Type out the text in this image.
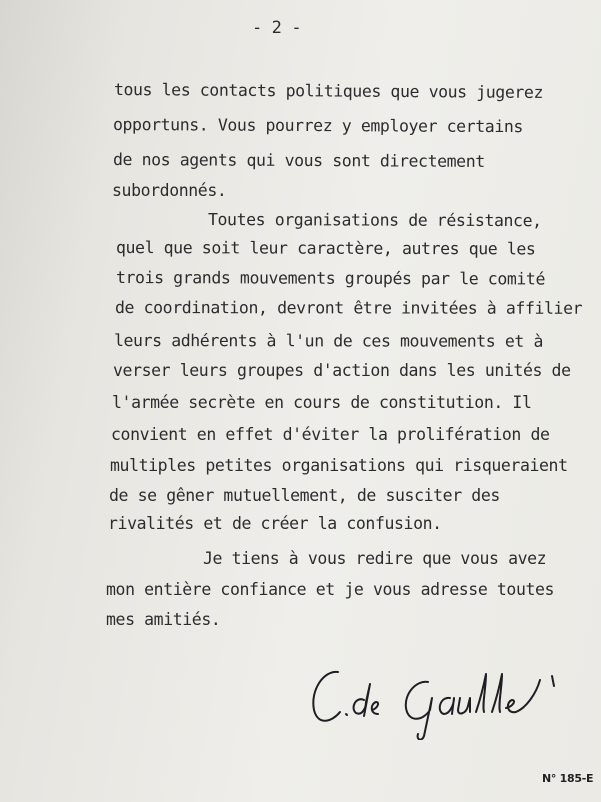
- 2 -
tous les contacts politiques que vous jugerez
opportuns. Vous pourrez y employer certains
de nos agents qui vous sont directement
subordonnés.
Toutes organisations de résistance,
quel que soit leur caractère, autres que les
trois grands mouvements groupés par le comité
de coordination, devront être invitées à affilier
leurs adhérents à l'un de ces mouvements et à
verser leurs groupes d'action dans les unités de
l'armée secrète en cours de constitution. Il
convient en effet d'éviter la prolifération de
multiples petites organisations qui risqueraient
de se gêner mutuellement, de susciter des
rivalités et de créer la confusion.
Je tiens à vous redire que vous avez
mon entière confiance et je vous adresse toutes
mes amitiés.
N° 185-E
